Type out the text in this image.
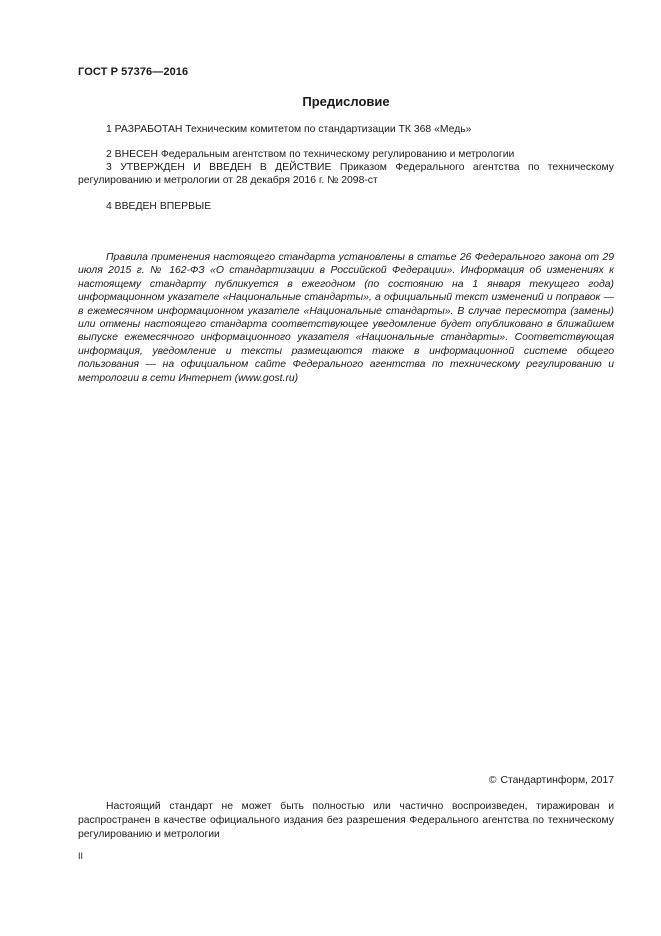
ГОСТ Р 57376—2016
Предисловие

1 РАЗРАБОТАН Техническим комитетом по стандартизации ТК 368 «Медь»

2 ВНЕСЕН Федеральным агентством по техническому регулированию и метрологии

3 УТВЕРЖДЕН И ВВЕДЕН В ДЕЙСТВИЕ Приказом Федерального агентства по техническому регулированию и метрологии от 28 декабря 2016 г. № 2098-ст

4 ВВЕДЕН ВПЕРВЫЕ

Правила применения настоящего стандарта установлены в статье 26 Федерального закона от 29 июля 2015 г. № 162-ФЗ «О стандартизации в Российской Федерации». Информация об изменениях к настоящему стандарту публикуется в ежегодном (по состоянию на 1 января текущего года) информационном указателе «Национальные стандарты», а официальный текст изменений и поправок — в ежемесячном информационном указателе «Национальные стандарты». В случае пересмотра (замены) или отмены настоящего стандарта соответствующее уведомление будет опубликовано в ближайшем выпуске ежемесячного информационного указателя «Национальные стандарты». Соответствующая информация, уведомление и тексты размещаются также в информационной системе общего пользования — на официальном сайте Федерального агентства по техническому регулированию и метрологии в сети Интернет (www.gost.ru)

© Стандартинформ, 2017

Настоящий стандарт не может быть полностью или частично воспроизведен, тиражирован и распространен в качестве официального издания без разрешения Федерального агентства по техническому регулированию и метрологии

II
